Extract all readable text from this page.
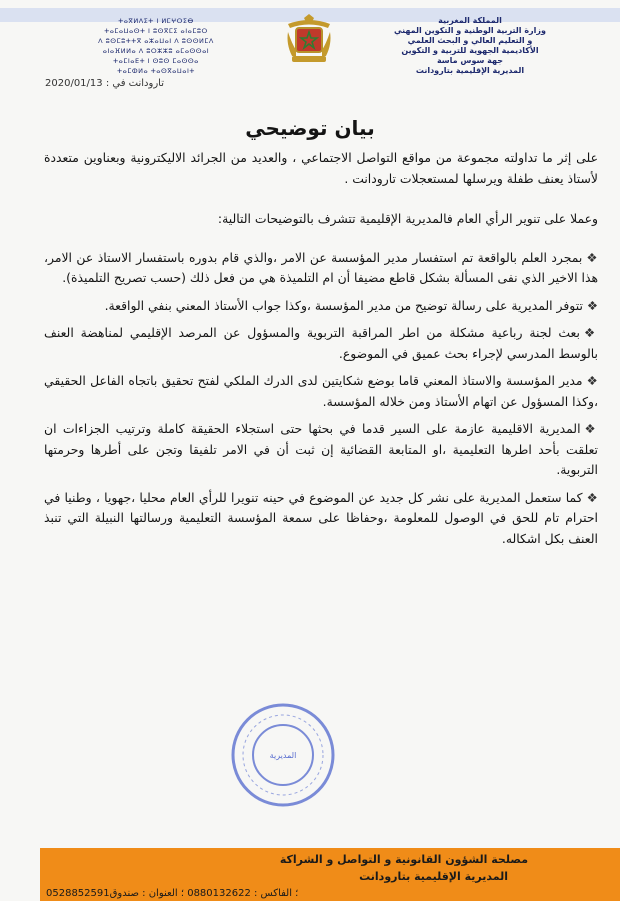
ⵜⴰⴳⵍⴷⵉⵜ ⵏ ⵍⵎⵖⵔⵉⴱ
ⵜⴰⵎⴰⵡⴰⵙⵜ ⵏ ⵓⵙⴳⵎⵉ ⴰⵏⴰⵎⵓⵔ
ⴷ ⵓⵙⵎⵓⵜⵜⴳ ⴰⵣⴰⵡⴰⵏ ⴷ ⵓⵙⵙⵍⵎⴷ
ⴰⵏⴰⴼⵍⵍⴰ ⴷ ⵓⵔⵣⵣⵓ ⴰⵎⴰⵙⵙⴰⵏ
ⵜⴰⵎⵏⴰⴹⵜ ⵏ ⵙⵓⵙ ⵎⴰⵙⵙⴰ
ⵜⴰⵎⵀⵍⴰ ⵜⴰⵙⴳⴰⵡⴰⵏⵜ
المملكة المغربية
وزارة التربية الوطنية و التكوين المهني
و التعليم العالي و البحث العلمي
الأكاديمية الجهوية للتربية و التكوين
جهة سوس ماسة
المديرية الإقليمية بتارودانت
تارودانت في : 2020/01/13
بيان توضيحي

على إثر ما تداولته مجموعة من مواقع التواصل الاجتماعي ، والعديد من الجرائد الاليكترونية وبعناوين متعددة لأستاذ يعنف طفلة ويرسلها لمستعجلات تارودانت .

وعملا على تنوير الرأي العام فالمديرية الإقليمية تتشرف بالتوضيحات التالية:

❖بمجرد العلم بالواقعة تم استفسار مدير المؤسسة عن الامر ،والذي قام بدوره باستفسار الاستاذ عن الامر، هذا الاخير الذي نفى المسألة بشكل قاطع مضيفا أن ام التلميذة هي من فعل ذلك (حسب تصريح التلميذة).

❖تتوفر المديرية على رسالة توضيح من مدير المؤسسة ،وكذا جواب الأستاذ المعني بنفي الواقعة.

❖بعث لجنة رباعية مشكلة من اطر المراقبة التربوية والمسؤول عن المرصد الإقليمي لمناهضة العنف بالوسط المدرسي لإجراء بحث عميق في الموضوع.

❖مدير المؤسسة والاستاذ المعني قاما بوضع شكايتين لدى الدرك الملكي لفتح تحقيق باتجاه الفاعل الحقيقي ،وكذا المسؤول عن اتهام الأستاذ ومن خلاله المؤسسة.

❖المديرية الاقليمية عازمة على السير قدما في بحثها حتى استجلاء الحقيقة كاملة وترتيب الجزاءات ان تعلقت بأحد اطرها التعليمية ،او المتابعة القضائية إن ثبت أن في الامر تلفيقا وتجن على أطرها وحرمتها التربوية.

❖كما ستعمل المديرية على نشر كل جديد عن الموضوع في حينه تنويرا للرأي العام محليا ،جهويا ، وطنيا في احترام تام للحق في الوصول للمعلومة ،وحفاظا على سمعة المؤسسة التعليمية ورسالتها النبيلة التي تنبذ العنف بكل اشكاله.

المديرية
مصلحة الشؤون القانونية و التواصل و الشراكة
المديرية الإقليمية بتارودانت
0528852591؛ الفاكس : 0880132622 ؛ العنوان : صندوق
